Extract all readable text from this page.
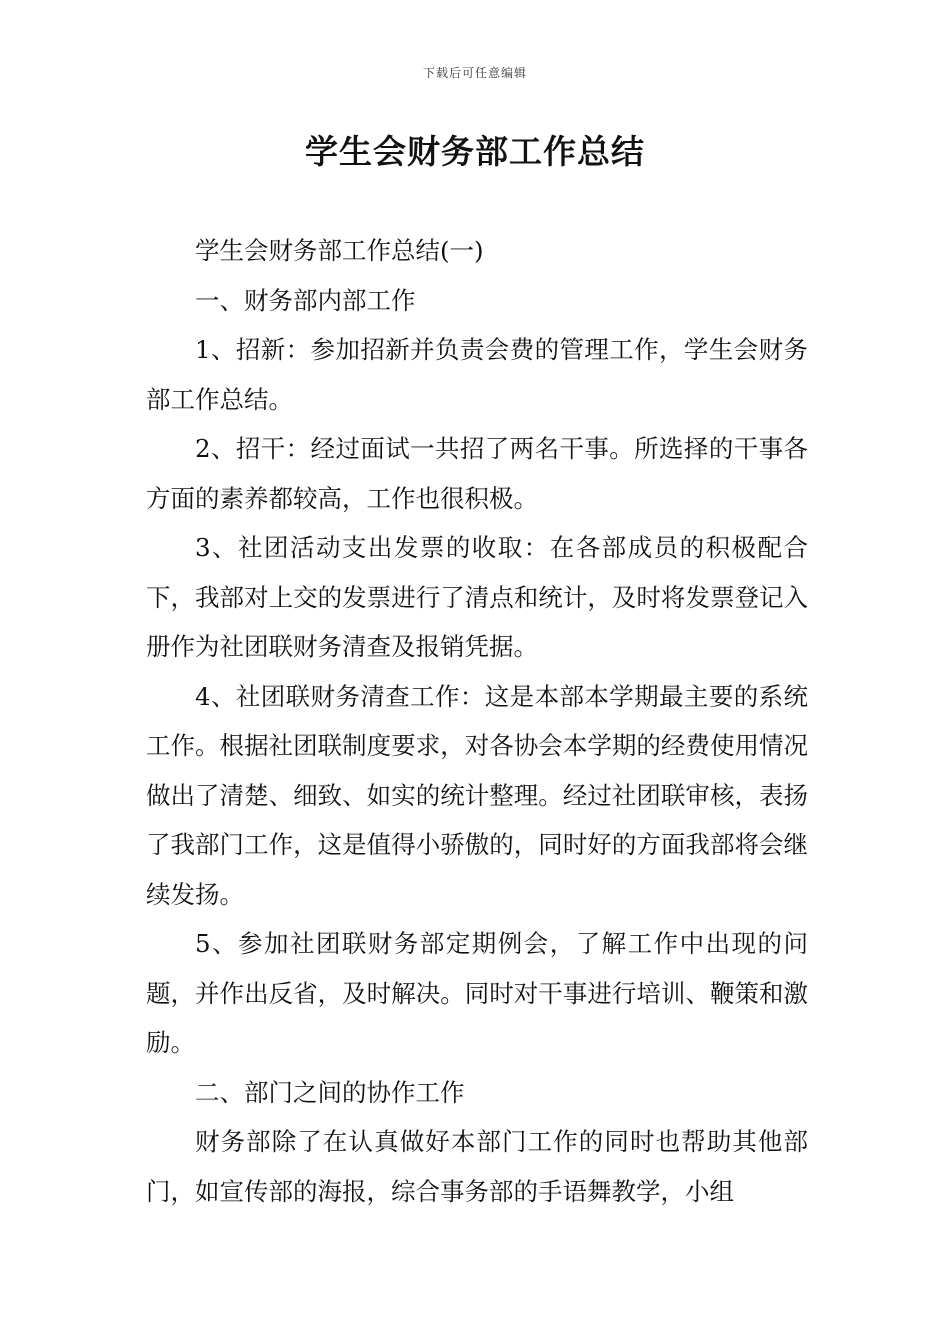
下载后可任意编辑
学生会财务部工作总结

学生会财务部工作总结(一)

一、财务部内部工作

1、招新：参加招新并负责会费的管理工作，学生会财务部工作总结。

2、招干：经过面试一共招了两名干事。所选择的干事各方面的素养都较高，工作也很积极。

3、社团活动支出发票的收取：在各部成员的积极配合下，我部对上交的发票进行了清点和统计，及时将发票登记入册作为社团联财务清查及报销凭据。

4、社团联财务清查工作：这是本部本学期最主要的系统工作。根据社团联制度要求，对各协会本学期的经费使用情况做出了清楚、细致、如实的统计整理。经过社团联审核，表扬了我部门工作，这是值得小骄傲的，同时好的方面我部将会继续发扬。

5、参加社团联财务部定期例会，了解工作中出现的问题，并作出反省，及时解决。同时对干事进行培训、鞭策和激励。

二、部门之间的协作工作

财务部除了在认真做好本部门工作的同时也帮助其他部门，如宣传部的海报，综合事务部的手语舞教学，小组
